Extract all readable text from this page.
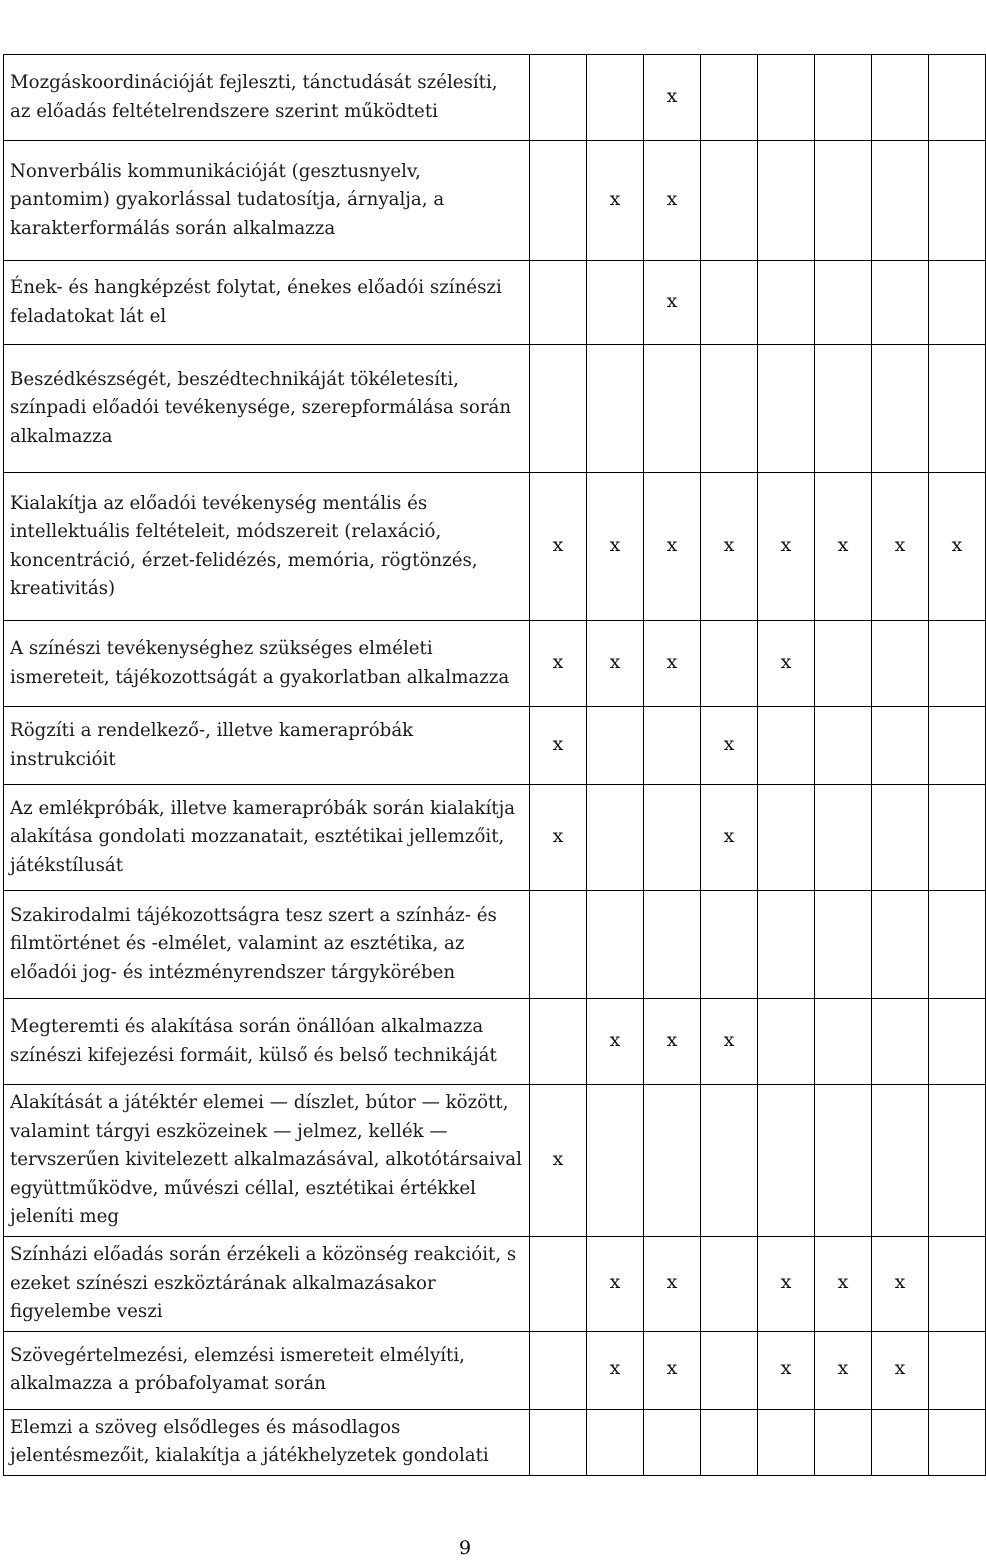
Mozgáskoordinációját fejleszti, tánctudását szélesíti, az előadás feltételrendszere szerint működteti			x					
Nonverbális kommunikációját (gesztusnyelv, pantomim) gyakorlással tudatosítja, árnyalja, a karakterformálás során alkalmazza		x	x					
Ének- és hangképzést folytat, énekes előadói színészi feladatokat lát el			x					
Beszédkészségét, beszédtechnikáját tökéletesíti, színpadi előadói tevékenysége, szerepformálása során alkalmazza								
Kialakítja az előadói tevékenység mentális és intellektuális feltételeit, módszereit (relaxáció, koncentráció, érzet-felidézés, memória, rögtönzés, kreativitás)	x	x	x	x	x	x	x	x
A színészi tevékenységhez szükséges elméleti ismereteit, tájékozottságát a gyakorlatban alkalmazza	x	x	x		x			
Rögzíti a rendelkező-, illetve kamerapróbák instrukcióit	x			x				
Az emlékpróbák, illetve kamerapróbák során kialakítja alakítása gondolati mozzanatait, esztétikai jellemzőit, játékstílusát	x			x				
Szakirodalmi tájékozottságra tesz szert a színház- és filmtörténet és -elmélet, valamint az esztétika, az előadói jog- és intézményrendszer tárgykörében								
Megteremti és alakítása során önállóan alkalmazza színészi kifejezési formáit, külső és belső technikáját		x	x	x				
Alakítását a játéktér elemei — díszlet, bútor — között, valamint tárgyi eszközeinek — jelmez, kellék — tervszerűen kivitelezett alkalmazásával, alkotótársaival együttműködve, művészi céllal, esztétikai értékkel jeleníti meg	x							
Színházi előadás során érzékeli a közönség reakcióit, s ezeket színészi eszköztárának alkalmazásakor figyelembe veszi		x	x		x	x	x	
Szövegértelmezési, elemzési ismereteit elmélyíti, alkalmazza a próbafolyamat során		x	x		x	x	x	
Elemzi a szöveg elsődleges és másodlagos jelentésmezőit, kialakítja a játékhelyzetek gondolati								
9
